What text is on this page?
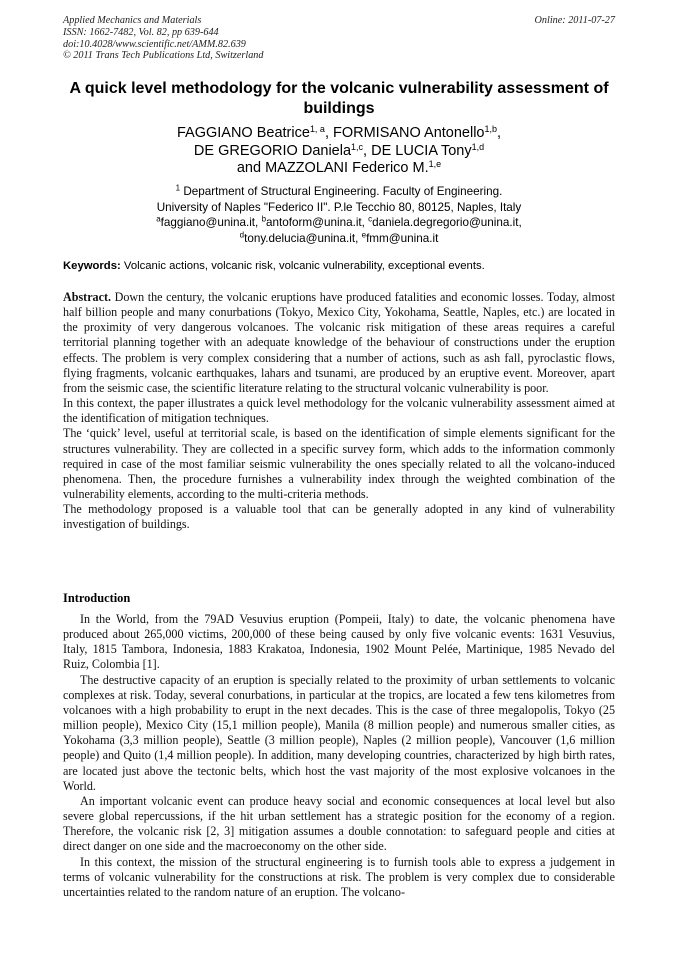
Applied Mechanics and Materials
ISSN: 1662-7482, Vol. 82, pp 639-644
doi:10.4028/www.scientific.net/AMM.82.639
© 2011 Trans Tech Publications Ltd, Switzerland
Online: 2011-07-27
A quick level methodology for the volcanic vulnerability assessment of buildings
FAGGIANO Beatrice$^{1, a}$, FORMISANO Antonello$^{1,b}$,
DE GREGORIO Daniela$^{1,c}$, DE LUCIA Tony$^{1,d}$
and MAZZOLANI Federico M.$^{1,e}$
$^1$ Department of Structural Engineering. Faculty of Engineering.
University of Naples "Federico II". P.le Tecchio 80, 80125, Naples, Italy
$^a$faggiano@unina.it, $^b$antoform@unina.it, $^c$daniela.degregorio@unina.it,
$^d$tony.delucia@unina.it, $^e$fmm@unina.it
Keywords: Volcanic actions, volcanic risk, volcanic vulnerability, exceptional events.

Abstract. Down the century, the volcanic eruptions have produced fatalities and economic losses. Today, almost half billion people and many conurbations (Tokyo, Mexico City, Yokohama, Seattle, Naples, etc.) are located in the proximity of very dangerous volcanoes. The volcanic risk mitigation of these areas requires a careful territorial planning together with an adequate knowledge of the behaviour of constructions under the eruption effects. The problem is very complex considering that a number of actions, such as ash fall, pyroclastic flows, flying fragments, volcanic earthquakes, lahars and tsunami, are produced by an eruptive event. Moreover, apart from the seismic case, the scientific literature relating to the structural volcanic vulnerability is poor.

In this context, the paper illustrates a quick level methodology for the volcanic vulnerability assessment aimed at the identification of mitigation techniques.

The ‘quick’ level, useful at territorial scale, is based on the identification of simple elements significant for the structures vulnerability. They are collected in a specific survey form, which adds to the information commonly required in case of the most familiar seismic vulnerability the ones specially related to all the volcano-induced phenomena. Then, the procedure furnishes a vulnerability index through the weighted combination of the vulnerability elements, according to the multi-criteria methods.

The methodology proposed is a valuable tool that can be generally adopted in any kind of vulnerability investigation of buildings.

Introduction

In the World, from the 79AD Vesuvius eruption (Pompeii, Italy) to date, the volcanic phenomena have produced about 265,000 victims, 200,000 of these being caused by only five volcanic events: 1631 Vesuvius, Italy, 1815 Tambora, Indonesia, 1883 Krakatoa, Indonesia, 1902 Mount Pelée, Martinique, 1985 Nevado del Ruiz, Colombia [1].

The destructive capacity of an eruption is specially related to the proximity of urban settlements to volcanic complexes at risk. Today, several conurbations, in particular at the tropics, are located a few tens kilometres from volcanoes with a high probability to erupt in the next decades. This is the case of three megalopolis, Tokyo (25 million people), Mexico City (15,1 million people), Manila (8 million people) and numerous smaller cities, as Yokohama (3,3 million people), Seattle (3 million people), Naples (2 million people), Vancouver (1,6 million people) and Quito (1,4 million people). In addition, many developing countries, characterized by high birth rates, are located just above the tectonic belts, which host the vast majority of the most explosive volcanoes in the World.

An important volcanic event can produce heavy social and economic consequences at local level but also severe global repercussions, if the hit urban settlement has a strategic position for the economy of a region. Therefore, the volcanic risk [2, 3] mitigation assumes a double connotation: to safeguard people and cities at direct danger on one side and the macroeconomy on the other side.

In this context, the mission of the structural engineering is to furnish tools able to express a judgement in terms of volcanic vulnerability for the constructions at risk. The problem is very complex due to considerable uncertainties related to the random nature of an eruption. The volcano-
